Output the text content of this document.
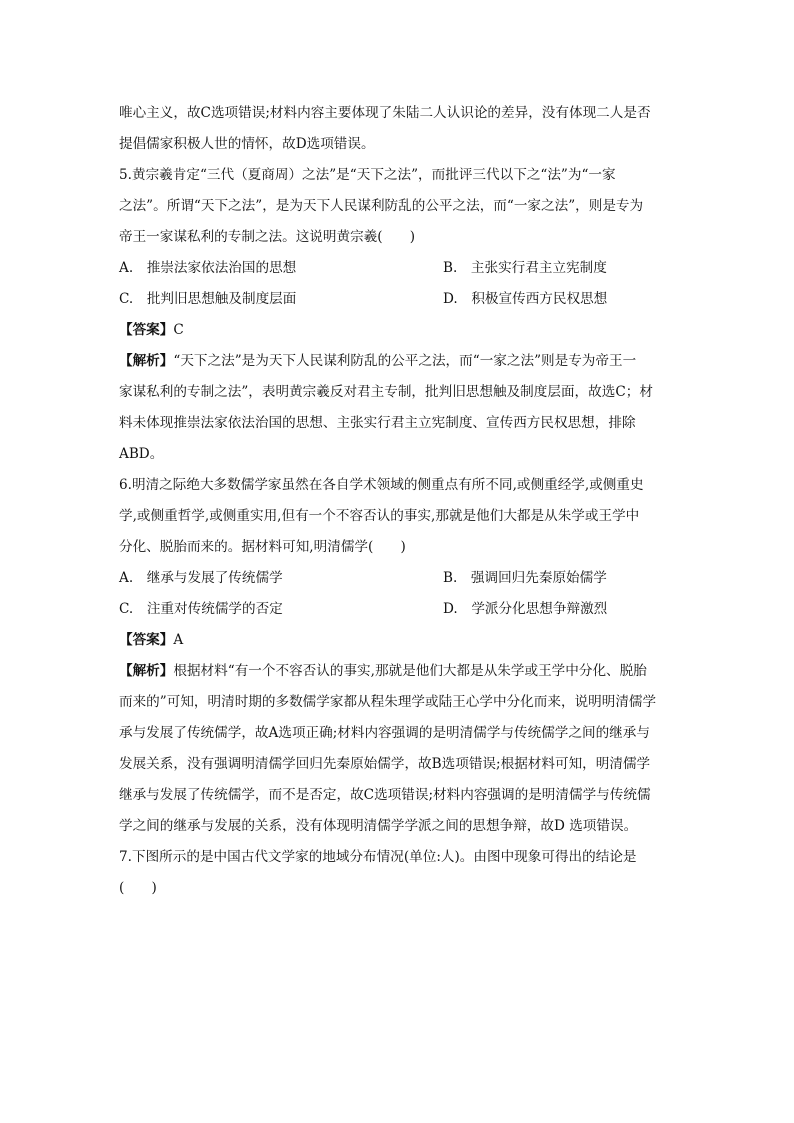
唯心主义，故C选项错误;材料内容主要体现了朱陆二人认识论的差异，没有体现二人是否
提倡儒家积极人世的情怀，故D选项错误。
5.黄宗羲肯定“三代（夏商周）之法”是“天下之法”，而批评三代以下之“法”为“一家
之法”。所谓“天下之法”，是为天下人民谋利防乱的公平之法，而“一家之法”，则是专为
帝王一家谋私利的专制之法。这说明黄宗羲(　　)
A.　推崇法家依法治国的思想	B.　主张实行君主立宪制度
C.　批判旧思想触及制度层面	D.　积极宣传西方民权思想
【答案】C
【解析】“天下之法”是为天下人民谋利防乱的公平之法，而“一家之法”则是专为帝王一
家谋私利的专制之法”，表明黄宗羲反对君主专制，批判旧思想触及制度层面，故选C；材
料未体现推崇法家依法治国的思想、主张实行君主立宪制度、宣传西方民权思想，排除
ABD。
6.明清之际绝大多数儒学家虽然在各自学术领域的侧重点有所不同,或侧重经学,或侧重史
学,或侧重哲学,或侧重实用,但有一个不容否认的事实,那就是他们大都是从朱学或王学中
分化、脱胎而来的。据材料可知,明清儒学(　　)
A.　继承与发展了传统儒学	B.　强调回归先秦原始儒学
C.　注重对传统儒学的否定	D.　学派分化思想争辩激烈
【答案】A
【解析】根据材料“有一个不容否认的事实,那就是他们大都是从朱学或王学中分化、脱胎
而来的”可知，明清时期的多数儒学家都从程朱理学或陆王心学中分化而来，说明明清儒学
承与发展了传统儒学，故A选项正确;材料内容强调的是明清儒学与传统儒学之间的继承与
发展关系，没有强调明清儒学回归先秦原始儒学，故B选项错误;根据材料可知，明清儒学
继承与发展了传统儒学，而不是否定，故C选项错误;材料内容强调的是明清儒学与传统儒
学之间的继承与发展的关系，没有体现明清儒学学派之间的思想争辩，故D 选项错误。
7.下图所示的是中国古代文学家的地域分布情况(单位:人)。由图中现象可得出的结论是
(　　)
